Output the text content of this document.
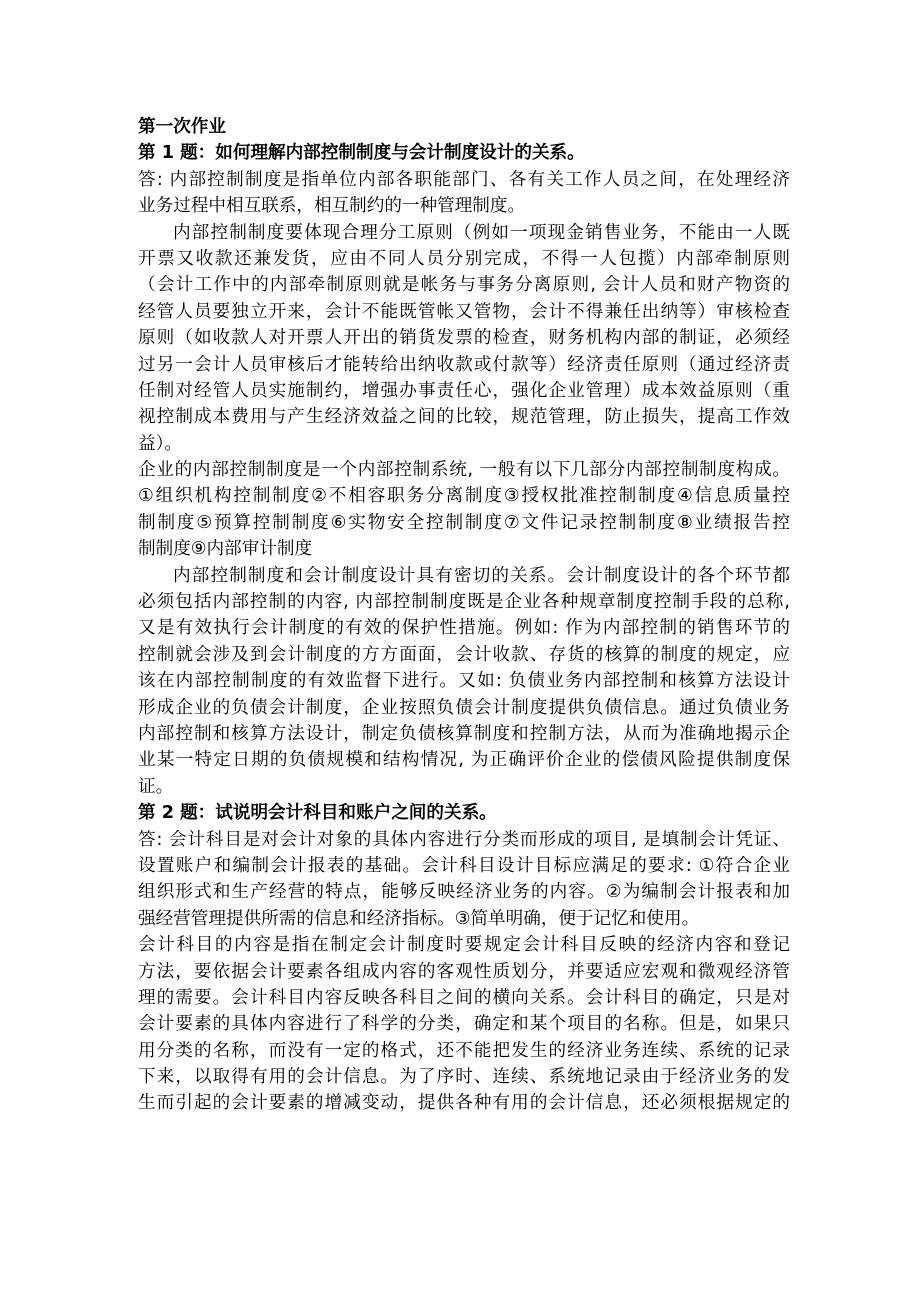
第一次作业
第 1 题：如何理解内部控制制度与会计制度设计的关系。
答: 内部控制制度是指单位内部各职能部门、各有关工作人员之间，在处理经济
业务过程中相互联系，相互制约的一种管理制度。
内部控制制度要体现合理分工原则（例如一项现金销售业务，不能由一人既
开票又收款还兼发货，应由不同人员分别完成，不得一人包揽）内部牵制原则
（会计工作中的内部牵制原则就是帐务与事务分离原则, 会计人员和财产物资的
经管人员要独立开来，会计不能既管帐又管物，会计不得兼任出纳等）审核检查
原则（如收款人对开票人开出的销货发票的检查，财务机构内部的制证，必须经
过另一会计人员审核后才能转给出纳收款或付款等）经济责任原则（通过经济责
任制对经管人员实施制约，增强办事责任心，强化企业管理）成本效益原则（重
视控制成本费用与产生经济效益之间的比较，规范管理，防止损失，提高工作效
益）。
企业的内部控制制度是一个内部控制系统, 一般有以下几部分内部控制制度构成。
①组织机构控制制度②不相容职务分离制度③授权批准控制制度④信息质量控
制制度⑤预算控制制度⑥实物安全控制制度⑦文件记录控制制度⑧业绩报告控
制制度⑨内部审计制度
内部控制制度和会计制度设计具有密切的关系。会计制度设计的各个环节都
必须包括内部控制的内容, 内部控制制度既是企业各种规章制度控制手段的总称,
又是有效执行会计制度的有效的保护性措施。例如: 作为内部控制的销售环节的
控制就会涉及到会计制度的方方面面，会计收款、存货的核算的制度的规定，应
该在内部控制制度的有效监督下进行。又如: 负债业务内部控制和核算方法设计
形成企业的负债会计制度，企业按照负债会计制度提供负债信息。通过负债业务
内部控制和核算方法设计，制定负债核算制度和控制方法，从而为准确地揭示企
业某一特定日期的负债规模和结构情况, 为正确评价企业的偿债风险提供制度保
证。
第 2 题：试说明会计科目和账户之间的关系。
答: 会计科目是对会计对象的具体内容进行分类而形成的项目, 是填制会计凭证、
设置账户和编制会计报表的基础。会计科目设计目标应满足的要求: ①符合企业
组织形式和生产经营的特点，能够反映经济业务的内容。②为编制会计报表和加
强经营管理提供所需的信息和经济指标。③简单明确，便于记忆和使用。
会计科目的内容是指在制定会计制度时要规定会计科目反映的经济内容和登记
方法，要依据会计要素各组成内容的客观性质划分，并要适应宏观和微观经济管
理的需要。会计科目内容反映各科目之间的横向关系。会计科目的确定，只是对
会计要素的具体内容进行了科学的分类，确定和某个项目的名称。但是，如果只
用分类的名称，而没有一定的格式，还不能把发生的经济业务连续、系统的记录
下来，以取得有用的会计信息。为了序时、连续、系统地记录由于经济业务的发
生而引起的会计要素的增减变动，提供各种有用的会计信息，还必须根据规定的
